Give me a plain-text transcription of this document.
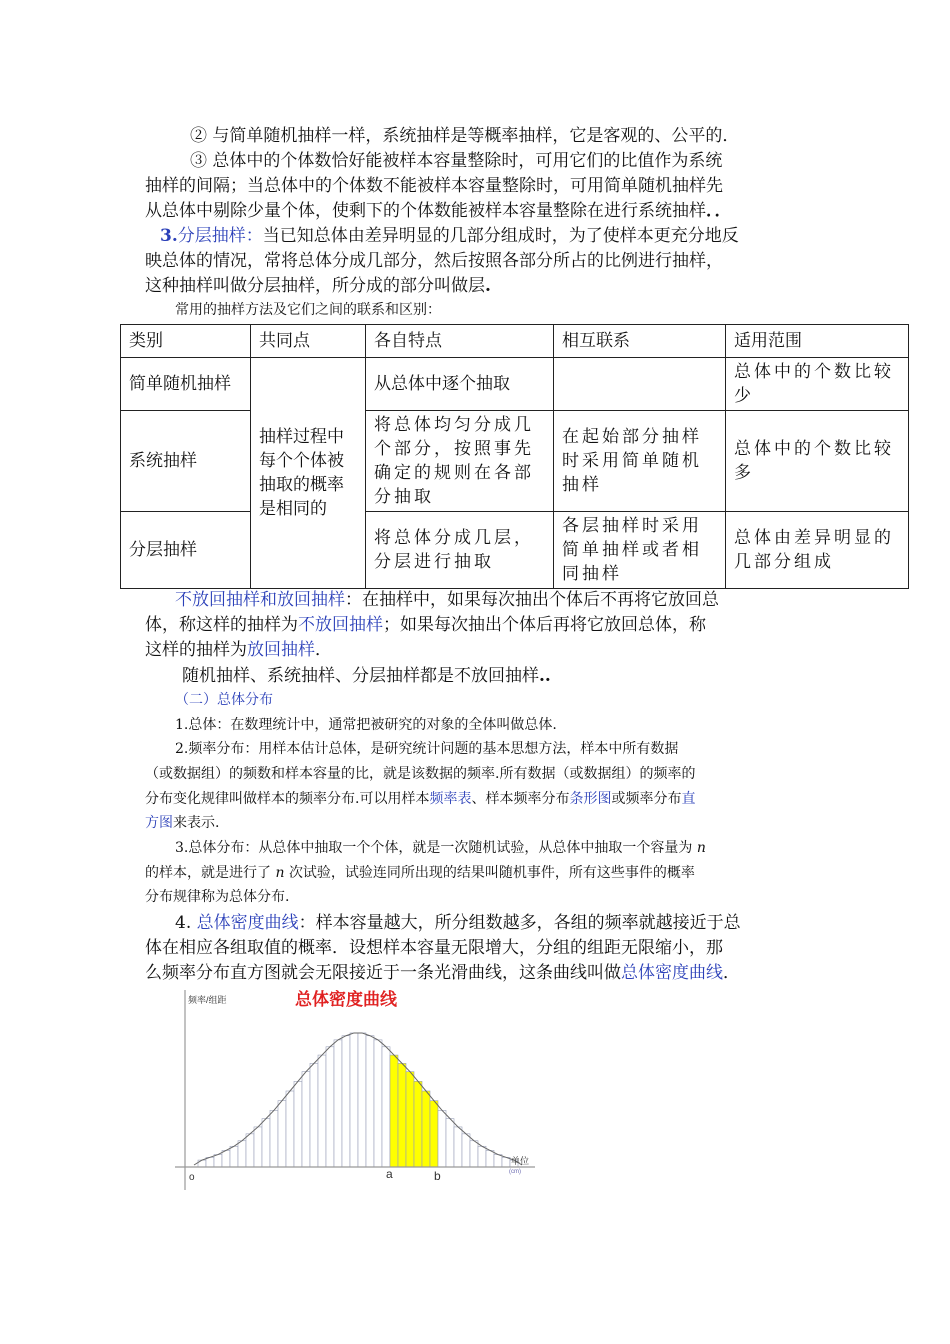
② 与简单随机抽样一样，系统抽样是等概率抽样，它是客观的、公平的．
③ 总体中的个体数恰好能被样本容量整除时，可用它们的比值作为系统
抽样的间隔；当总体中的个体数不能被样本容量整除时，可用简单随机抽样先
从总体中剔除少量个体，使剩下的个体数能被样本容量整除在进行系统抽样．．
3.分层抽样：当已知总体由差异明显的几部分组成时，为了使样本更充分地反
映总体的情况，常将总体分成几部分，然后按照各部分所占的比例进行抽样，
这种抽样叫做分层抽样，所分成的部分叫做层.
常用的抽样方法及它们之间的联系和区别：
类别	共同点	各自特点	相互联系	适用范围
简单随机抽样	抽样过程中每个个体被抽取的概率是相同的	从总体中逐个抽取		总体中的个数比较少
系统抽样		将总体均匀分成几个部分，按照事先确定的规则在各部分抽取	在起始部分抽样时采用简单随机抽样	总体中的个数比较多
分层抽样		将总体分成几层，分层进行抽取	各层抽样时采用简单抽样或者相同抽样	总体由差异明显的几部分组成
不放回抽样和放回抽样：在抽样中，如果每次抽出个体后不再将它放回总
体，称这样的抽样为不放回抽样；如果每次抽出个体后再将它放回总体，称
这样的抽样为放回抽样．
随机抽样、系统抽样、分层抽样都是不放回抽样..
（二）总体分布
1.总体：在数理统计中，通常把被研究的对象的全体叫做总体.
2.频率分布：用样本估计总体，是研究统计问题的基本思想方法，样本中所有数据
（或数据组）的频数和样本容量的比，就是该数据的频率.所有数据（或数据组）的频率的
分布变化规律叫做样本的频率分布.可以用样本频率表、样本频率分布条形图或频率分布直
方图来表示.
3.总体分布：从总体中抽取一个个体，就是一次随机试验，从总体中抽取一个容量为 n
的样本，就是进行了 n 次试验，试验连同所出现的结果叫随机事件，所有这些事件的概率
分布规律称为总体分布.
4. 总体密度曲线：样本容量越大，所分组数越多，各组的频率就越接近于总
体在相应各组取值的概率．设想样本容量无限增大，分组的组距无限缩小，那
么频率分布直方图就会无限接近于一条光滑曲线，这条曲线叫做总体密度曲线．
频率/组距	总体密度曲线
单位
(cm)
o	a	b
